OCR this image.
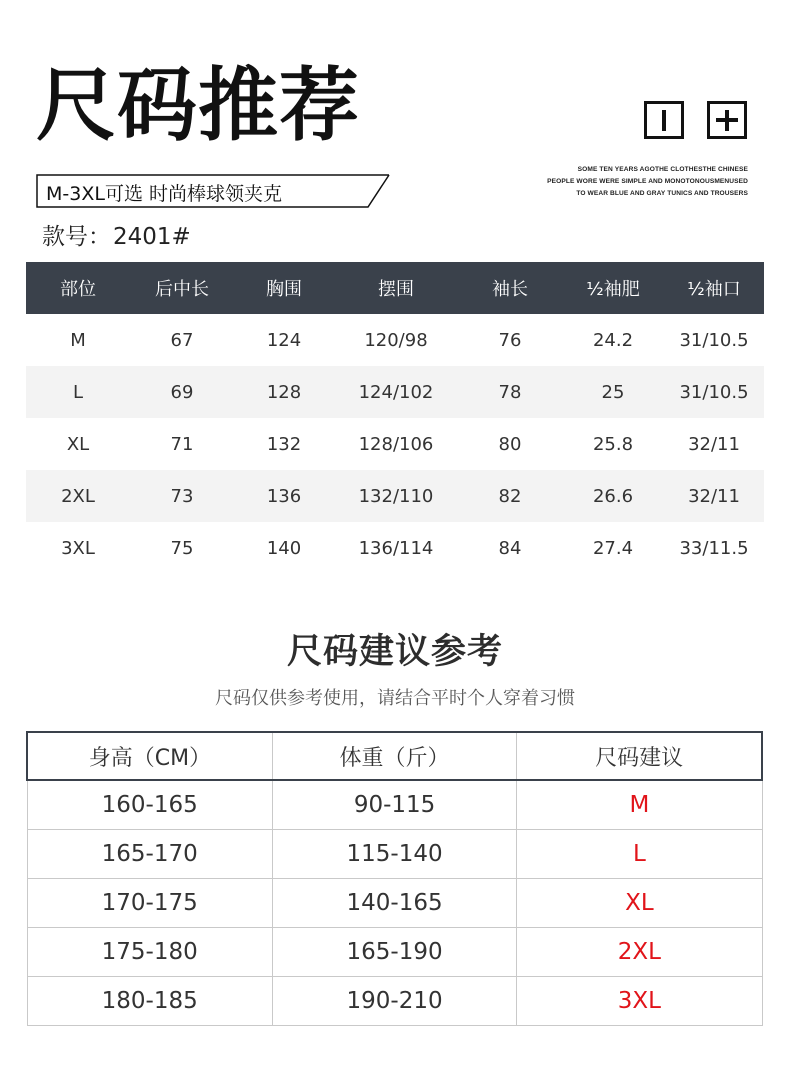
尺码推荐
SOME TEN YEARS AGOTHE CLOTHESTHE CHINESE
PEOPLE WORE WERE SIMPLE AND MONOTONOUSMENUSED
TO WEAR BLUE AND GRAY TUNICS AND TROUSERS
M-3XL可选 时尚棒球领夹克
款号：2401#
部位	后中长	胸围	摆围	袖长	½袖肥	½袖口
M	67	124	120/98	76	24.2	31/10.5
L	69	128	124/102	78	25	31/10.5
XL	71	132	128/106	80	25.8	32/11
2XL	73	136	132/110	82	26.6	32/11
3XL	75	140	136/114	84	27.4	33/11.5
尺码建议参考
尺码仅供参考使用，请结合平时个人穿着习惯
身高（CM）	体重（斤）	尺码建议
160-165	90-115	M
165-170	115-140	L
170-175	140-165	XL
175-180	165-190	2XL
180-185	190-210	3XL
